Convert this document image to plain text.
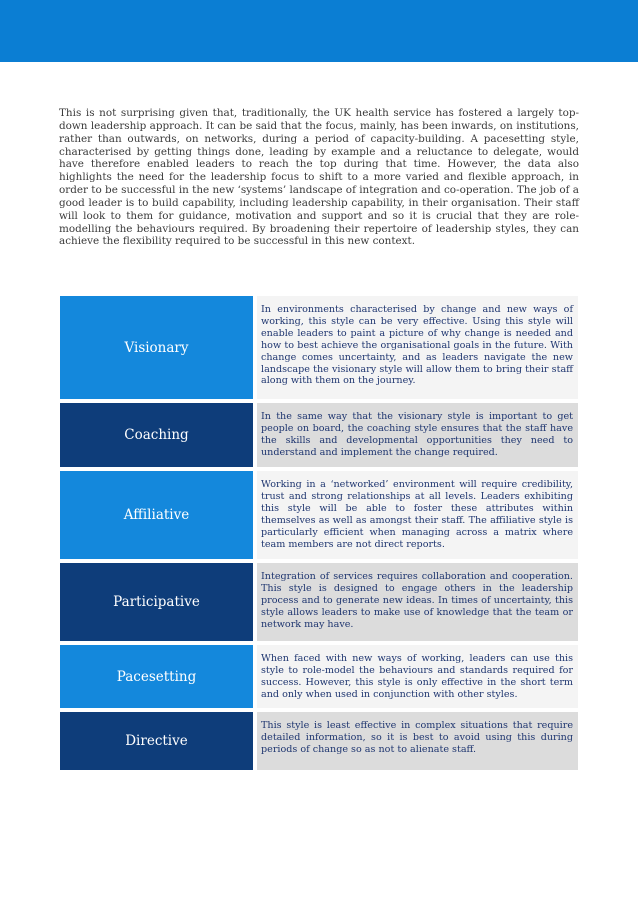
This is not surprising given that, traditionally, the UK health service has fostered a largely top-down leadership approach. It can be said that the focus, mainly, has been inwards, on institutions, rather than outwards, on networks, during a period of capacity-building. A pacesetting style, characterised by getting things done, leading by example and a reluctance to delegate, would have therefore enabled leaders to reach the top during that time. However, the data also highlights the need for the leadership focus to shift to a more varied and flexible approach, in order to be successful in the new ‘systems’ landscape of integration and co-operation. The job of a good leader is to build capability, including leadership capability, in their organisation. Their staff will look to them for guidance, motivation and support and so it is crucial that they are role-modelling the behaviours required. By broadening their repertoire of leadership styles, they can achieve the flexibility required to be successful in this new context.

Visionary
In environments characterised by change and new ways of working, this style can be very effective. Using this style will enable leaders to paint a picture of why change is needed and how to best achieve the organisational goals in the future. With change comes uncertainty, and as leaders navigate the new landscape the visionary style will allow them to bring their staff along with them on the journey.
Coaching
In the same way that the visionary style is important to get people on board, the coaching style ensures that the staff have the skills and developmental opportunities they need to understand and implement the change required.
Affiliative
Working in a ‘networked’ environment will require credibility, trust and strong relationships at all levels. Leaders exhibiting this style will be able to foster these attributes within themselves as well as amongst their staff. The affiliative style is particularly efficient when managing across a matrix where team members are not direct reports.
Participative
Integration of services requires collaboration and cooperation. This style is designed to engage others in the leadership process and to generate new ideas. In times of uncertainty, this style allows leaders to make use of knowledge that the team or network may have.
Pacesetting
When faced with new ways of working, leaders can use this style to role-model the behaviours and standards required for success. However, this style is only effective in the short term and only when used in conjunction with other styles.
Directive
This style is least effective in complex situations that require detailed information, so it is best to avoid using this during periods of change so as not to alienate staff.
